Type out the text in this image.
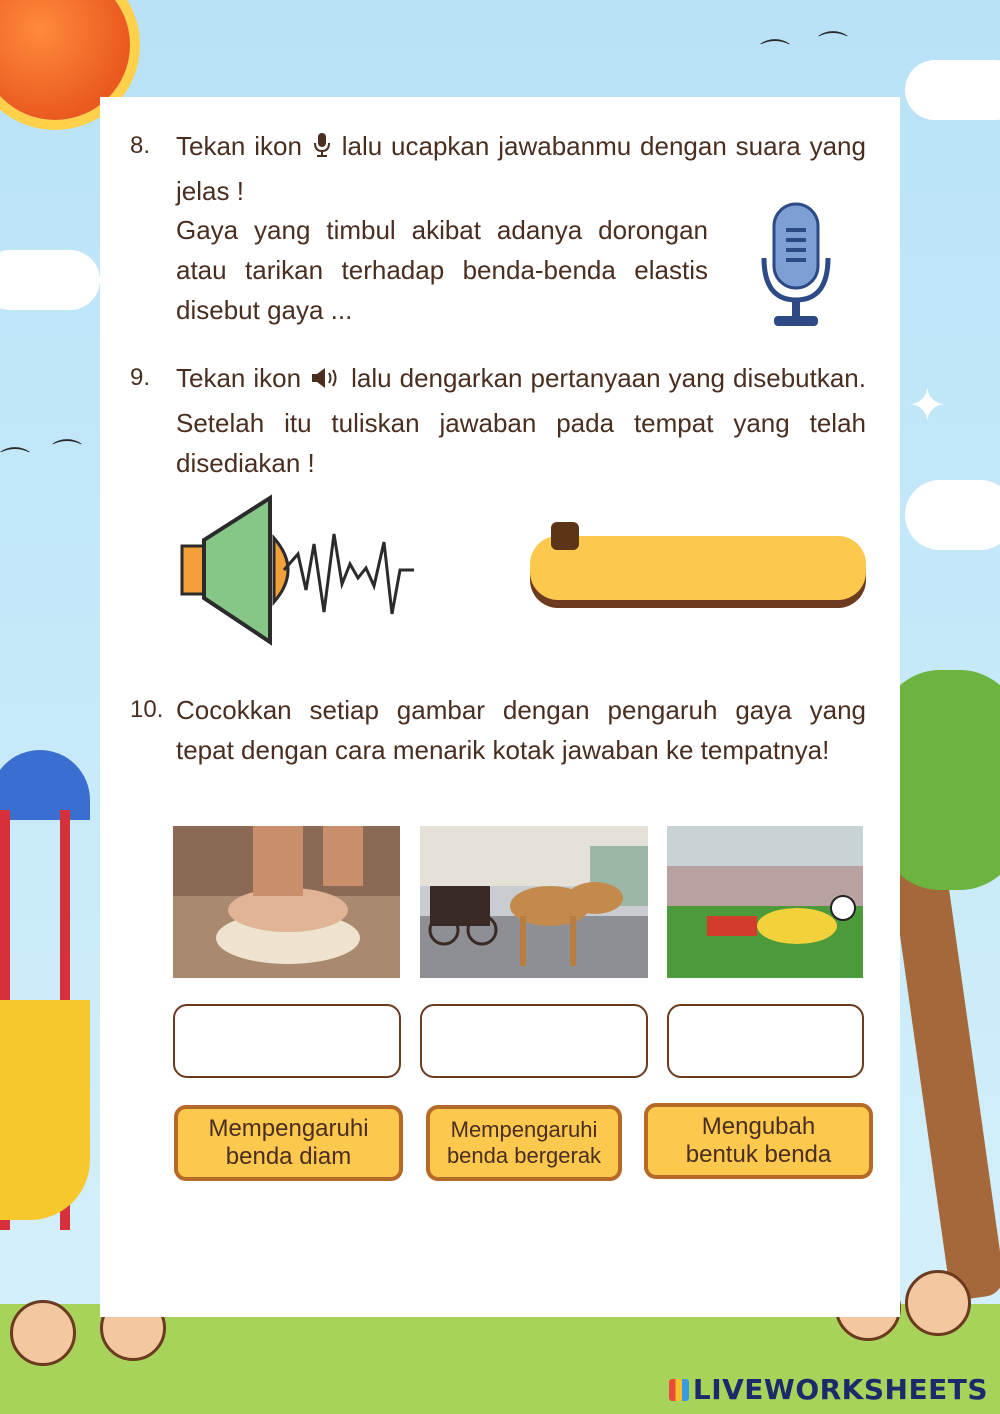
⌒ ⌒
⌒ ⌒
✦
8. Tekan ikon lalu ucapkan jawabanmu dengan suara yang jelas !
Gaya yang timbul akibat adanya dorongan atau tarikan terhadap benda-benda elastis disebut gaya ...
9. Tekan ikon lalu dengarkan pertanyaan yang disebutkan. Setelah itu tuliskan jawaban pada tempat yang telah disediakan !
10. Cocokkan setiap gambar dengan pengaruh gaya yang tepat dengan cara menarik kotak jawaban ke tempatnya!
Mempengaruhi
benda diam
Mempengaruhi
benda bergerak
Mengubah
bentuk benda
LIVEWORKSHEETS
